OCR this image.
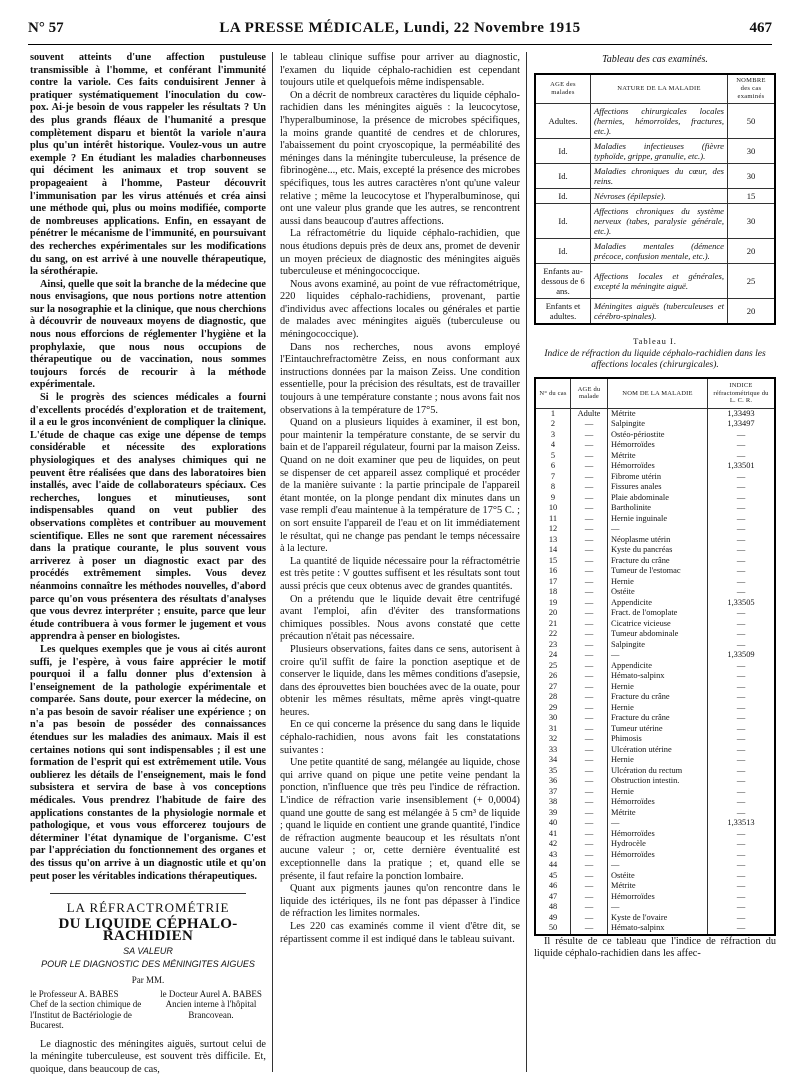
N° 57	LA PRESSE MÉDICALE, Lundi, 22 Novembre 1915	467

souvent atteints d'une affection pustuleuse transmissible à l'homme, et conférant l'immunité contre la variole. Ces faits conduisirent Jenner à pratiquer systématiquement l'inoculation du cow-pox. Ai-je besoin de vous rappeler les résultats ? Un des plus grands fléaux de l'humanité a presque complètement disparu et bientôt la variole n'aura plus qu'un intérêt historique. Voulez-vous un autre exemple ? En étudiant les maladies charbonneuses qui déciment les animaux et trop souvent se propageaient à l'homme, Pasteur découvrit l'immunisation par les virus atténués et créa ainsi une méthode qui, plus ou moins modifiée, comporte de nombreuses applications. Enfin, en essayant de pénétrer le mécanisme de l'immunité, en poursuivant des recherches expérimentales sur les modifications du sang, on est arrivé à une nouvelle thérapeutique, la sérothérapie.

Ainsi, quelle que soit la branche de la médecine que nous envisagions, que nous portions notre attention sur la nosographie et la clinique, que nous cherchions à découvrir de nouveaux moyens de diagnostic, que nous nous efforcions de réglementer l'hygiène et la prophylaxie, que nous nous occupions de thérapeutique ou de vaccination, nous sommes toujours forcés de recourir à la méthode expérimentale.

Si le progrès des sciences médicales a fourni d'excellents procédés d'exploration et de traitement, il a eu le gros inconvénient de compliquer la clinique. L'étude de chaque cas exige une dépense de temps considérable et nécessite des explorations physiologiques et des analyses chimiques qui ne peuvent être réalisées que dans des laboratoires bien installés, avec l'aide de collaborateurs spéciaux. Ces recherches, longues et minutieuses, sont indispensables quand on veut publier des observations complètes et contribuer au mouvement scientifique. Elles ne sont que rarement nécessaires dans la pratique courante, le plus souvent vous arriverez à poser un diagnostic exact par des procédés extrêmement simples. Vous devez néanmoins connaître les méthodes nouvelles, d'abord parce qu'on vous présentera des résultats d'analyses que vous devrez interpréter ; ensuite, parce que leur étude contribuera à vous former le jugement et vous apprendra à penser en biologistes.

Les quelques exemples que je vous ai cités auront suffi, je l'espère, à vous faire apprécier le motif pourquoi il a fallu donner plus d'extension à l'enseignement de la pathologie expérimentale et comparée. Sans doute, pour exercer la médecine, on n'a pas besoin de savoir réaliser une expérience ; on n'a pas besoin de posséder des connaissances étendues sur les maladies des animaux. Mais il est certaines notions qui sont indispensables ; il est une formation de l'esprit qui est extrêmement utile. Vous oublierez les détails de l'enseignement, mais le fond subsistera et servira de base à vos conceptions médicales. Vous prendrez l'habitude de faire des applications constantes de la physiologie normale et pathologique, et vous vous efforcerez toujours de déterminer l'état dynamique de l'organisme. C'est par l'appréciation du fonctionnement des organes et des tissus qu'on arrive à un diagnostic utile et qu'on peut poser les véritables indications thérapeutiques.

LA RÉFRACTROMÉTRIE
DU LIQUIDE CÉPHALO-RACHIDIEN
SA VALEUR
POUR LE DIAGNOSTIC DES MÉNINGITES AIGUES
Par MM.
le Professeur A. BABES
Chef de la section chimique de l'Institut de Bactériologie de Bucarest.
le Docteur Aurel A. BABES
Ancien interne à l'hôpital Brancovean.

Le diagnostic des méningites aiguës, surtout celui de la méningite tuberculeuse, est souvent très difficile. Et, quoique, dans beaucoup de cas,

le tableau clinique suffise pour arriver au diagnostic, l'examen du liquide céphalo-rachidien est cependant toujours utile et quelquefois même indispensable.

On a décrit de nombreux caractères du liquide céphalo-rachidien dans les méningites aiguës : la leucocytose, l'hyperalbuminose, la présence de microbes spécifiques, la moins grande quantité de cendres et de chlorures, l'abaissement du point cryoscopique, la perméabilité des méninges dans la méningite tuberculeuse, la présence de fibrinogène..., etc. Mais, excepté la présence des microbes spécifiques, tous les autres caractères n'ont qu'une valeur relative ; même la leucocytose et l'hyperalbuminose, qui ont une valeur plus grande que les autres, se rencontrent aussi dans beaucoup d'autres affections.

La réfractométrie du liquide céphalo-rachidien, que nous étudions depuis près de deux ans, promet de devenir un moyen précieux de diagnostic des méningites aiguës tuberculeuse et méningococcique.

Nous avons examiné, au point de vue réfractométrique, 220 liquides céphalo-rachidiens, provenant, partie d'individus avec affections locales ou générales et partie de malades avec méningites aiguës (tuberculeuse ou méningococcique).

Dans nos recherches, nous avons employé l'Eintauchrefractomètre Zeiss, en nous conformant aux instructions données par la maison Zeiss. Une condition essentielle, pour la précision des résultats, est de travailler toujours à une température constante ; nous avons fait nos observations à la température de 17°5.

Quand on a plusieurs liquides à examiner, il est bon, pour maintenir la température constante, de se servir du bain et de l'appareil régulateur, fourni par la maison Zeiss. Quand on ne doit examiner que peu de liquides, on peut se dispenser de cet appareil assez compliqué et procéder de la manière suivante : la partie principale de l'appareil étant montée, on la plonge pendant dix minutes dans un vase rempli d'eau maintenue à la température de 17°5 C. ; on sort ensuite l'appareil de l'eau et on lit immédiatement le résultat, qui ne change pas pendant le temps nécessaire à la lecture.

La quantité de liquide nécessaire pour la réfractométrie est très petite : V gouttes suffisent et les résultats sont tout aussi précis que ceux obtenus avec de grandes quantités.

On a prétendu que le liquide devait être centrifugé avant l'emploi, afin d'éviter des transformations chimiques possibles. Nous avons constaté que cette précaution n'était pas nécessaire.

Plusieurs observations, faites dans ce sens, autorisent à croire qu'il suffit de faire la ponction aseptique et de conserver le liquide, dans les mêmes conditions d'asepsie, dans des éprouvettes bien bouchées avec de la ouate, pour obtenir les mêmes résultats, même après vingt-quatre heures.

En ce qui concerne la présence du sang dans le liquide céphalo-rachidien, nous avons fait les constatations suivantes :

Une petite quantité de sang, mélangée au liquide, chose qui arrive quand on pique une petite veine pendant la ponction, n'influence que très peu l'indice de réfraction. L'indice de réfraction varie insensiblement (+ 0,0004) quand une goutte de sang est mélangée à 5 cm³ de liquide ; quand le liquide en contient une grande quantité, l'indice de réfraction augmente beaucoup et les résultats n'ont aucune valeur ; or, cette dernière éventualité est exceptionnelle dans la pratique ; et, quand elle se présente, il faut refaire la ponction lombaire.

Quant aux pigments jaunes qu'on rencontre dans le liquide des ictériques, ils ne font pas dépasser à l'indice de réfraction les limites normales.

Les 220 cas examinés comme il vient d'être dit, se répartissent comme il est indiqué dans le tableau suivant.

Tableau des cas examinés.
AGE des malades	NATURE DE LA MALADIE	NOMBRE des cas examinés
Adultes.	Affections chirurgicales locales (hernies, hémorroïdes, fractures, etc.).	50
Id.	Maladies infectieuses (fièvre typhoïde, grippe, granulie, etc.).	30
Id.	Maladies chroniques du cœur, des reins.	30
Id.	Névroses (épilepsie).	15
Id.	Affections chroniques du système nerveux (tabes, paralysie générale, etc.).	30
Id.	Maladies mentales (démence précoce, confusion mentale, etc.).	20
Enfants au-dessous de 6 ans.	Affections locales et générales, excepté la méningite aiguë.	25
Enfants et adultes.	Méningites aiguës (tuberculeuses et cérébro-spinales).	20
Tableau I.
Indice de réfraction du liquide céphalo-rachidien dans les affections locales (chirurgicales).
N° du cas	AGE du malade	NOM DE LA MALADIE	INDICE réfractométrique du L. C. R.
1	Adulte	Métrite	1,33493
2	—	Salpingite	1,33497
3	—	Ostéo-périostite	—
4	—	Hémorroïdes	—
5	—	Métrite	—
6	—	Hémorroïdes	1,33501
7	—	Fibrome utérin	—
8	—	Fissures anales	—
9	—	Plaie abdominale	—
10	—	Bartholinite	—
11	—	Hernie inguinale	—
12	—	—	—
13	—	Néoplasme utérin	—
14	—	Kyste du pancréas	—
15	—	Fracture du crâne	—
16	—	Tumeur de l'estomac	—
17	—	Hernie	—
18	—	Ostéite	—
19	—	Appendicite	1,33505
20	—	Fract. de l'omoplate	—
21	—	Cicatrice vicieuse	—
22	—	Tumeur abdominale	—
23	—	Salpingite	—
24	—	—	1,33509
25	—	Appendicite	—
26	—	Hémato-salpinx	—
27	—	Hernie	—
28	—	Fracture du crâne	—
29	—	Hernie	—
30	—	Fracture du crâne	—
31	—	Tumeur utérine	—
32	—	Phimosis	—
33	—	Ulcération utérine	—
34	—	Hernie	—
35	—	Ulcération du rectum	—
36	—	Obstruction intestin.	—
37	—	Hernie	—
38	—	Hémorroïdes	—
39	—	Métrite	—
40	—	—	1,33513
41	—	Hémorroïdes	—
42	—	Hydrocèle	—
43	—	Hémorroïdes	—
44	—	—	—
45	—	Ostéite	—
46	—	Métrite	—
47	—	Hémorroïdes	—
48	—	—	—
49	—	Kyste de l'ovaire	—
50	—	Hémato-salpinx	—

Il résulte de ce tableau que l'indice de réfraction du liquide céphalo-rachidien dans les affec-
